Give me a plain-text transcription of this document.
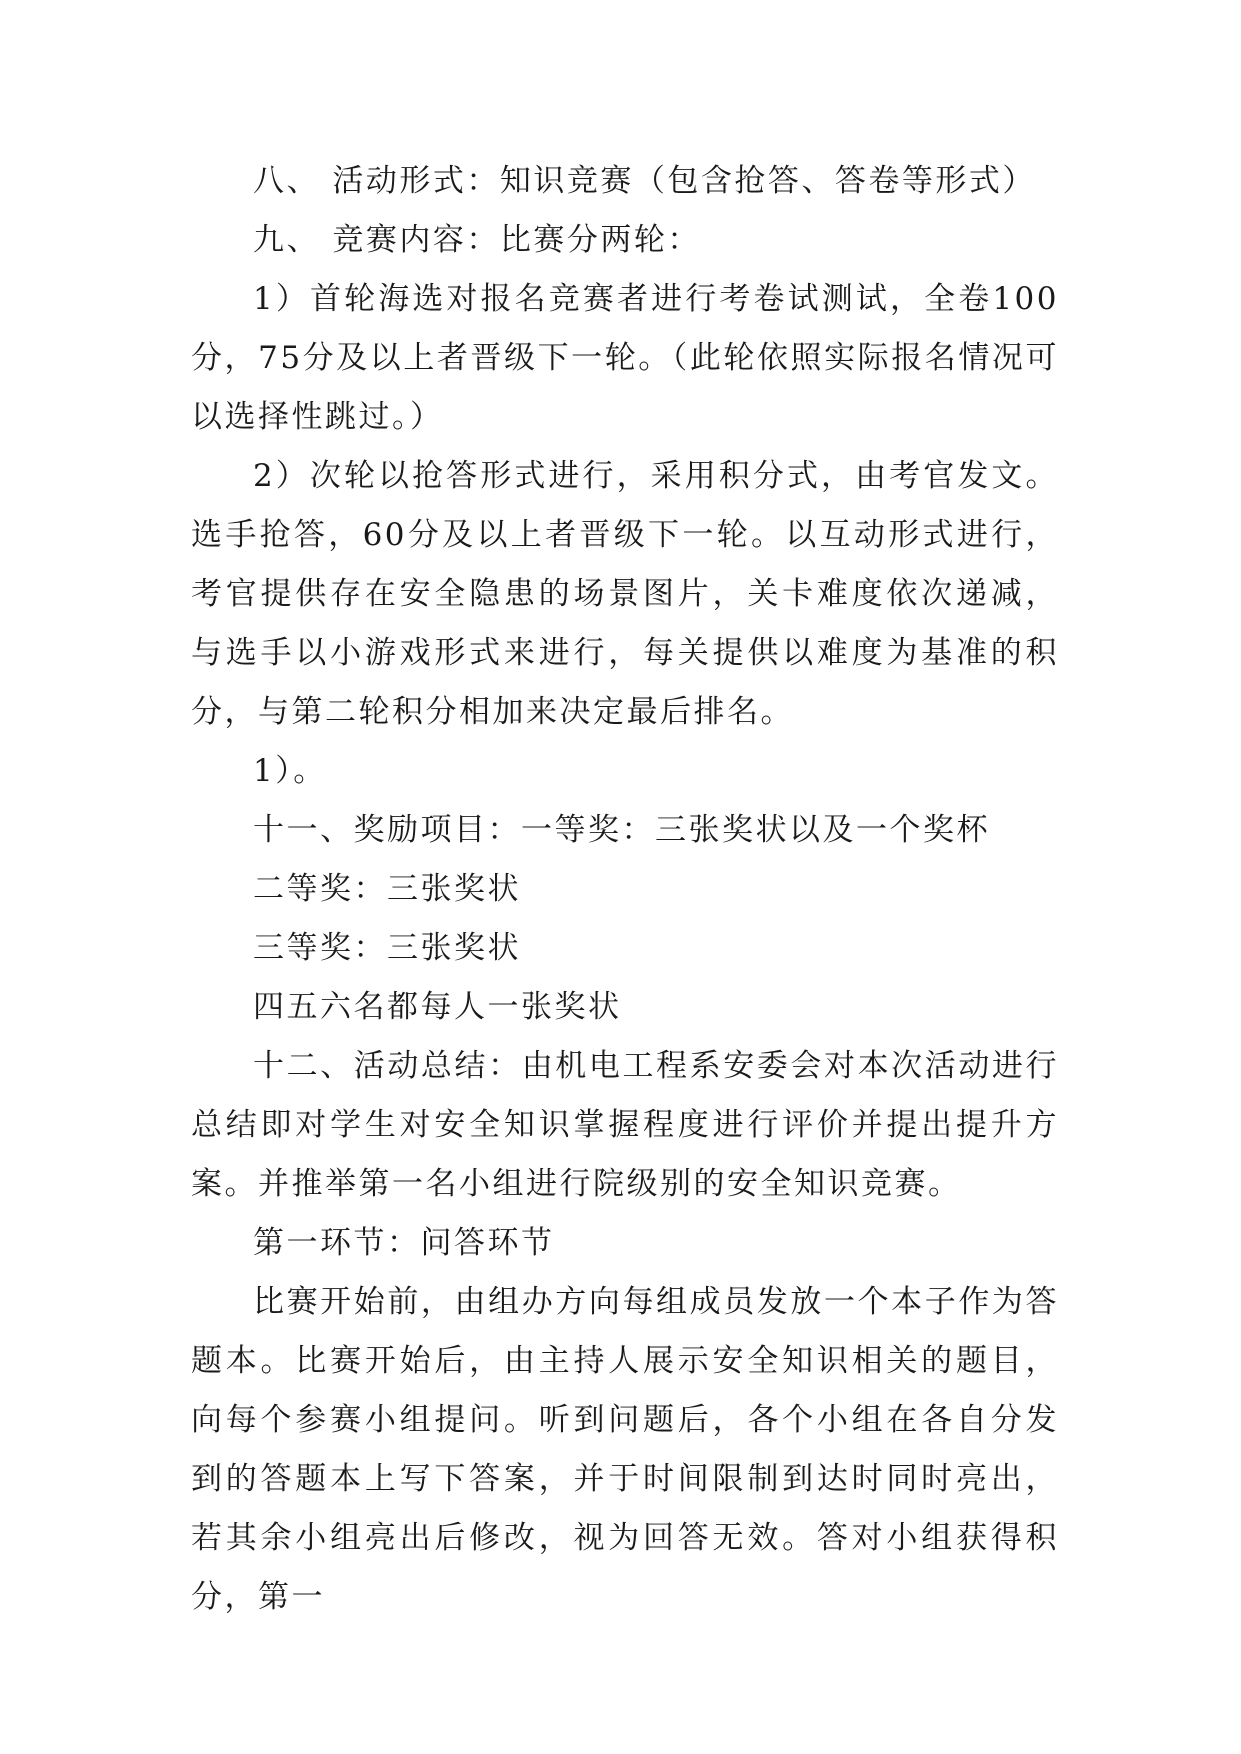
八、 活动形式：知识竞赛（包含抢答、答卷等形式）

九、 竞赛内容：比赛分两轮：

1）首轮海选对报名竞赛者进行考卷试测试，全卷100分，75分及以上者晋级下一轮。（此轮依照实际报名情况可以选择性跳过。）

2）次轮以抢答形式进行，采用积分式，由考官发文。选手抢答，60分及以上者晋级下一轮。以互动形式进行，考官提供存在安全隐患的场景图片，关卡难度依次递减，与选手以小游戏形式来进行，每关提供以难度为基准的积分，与第二轮积分相加来决定最后排名。

1）。

十一、奖励项目：一等奖：三张奖状以及一个奖杯

二等奖：三张奖状

三等奖：三张奖状

四五六名都每人一张奖状

十二、活动总结：由机电工程系安委会对本次活动进行总结即对学生对安全知识掌握程度进行评价并提出提升方案。并推举第一名小组进行院级别的安全知识竞赛。

第一环节：问答环节

比赛开始前，由组办方向每组成员发放一个本子作为答题本。比赛开始后，由主持人展示安全知识相关的题目，向每个参赛小组提问。听到问题后，各个小组在各自分发到的答题本上写下答案，并于时间限制到达时同时亮出，若其余小组亮出后修改，视为回答无效。答对小组获得积分，第一
